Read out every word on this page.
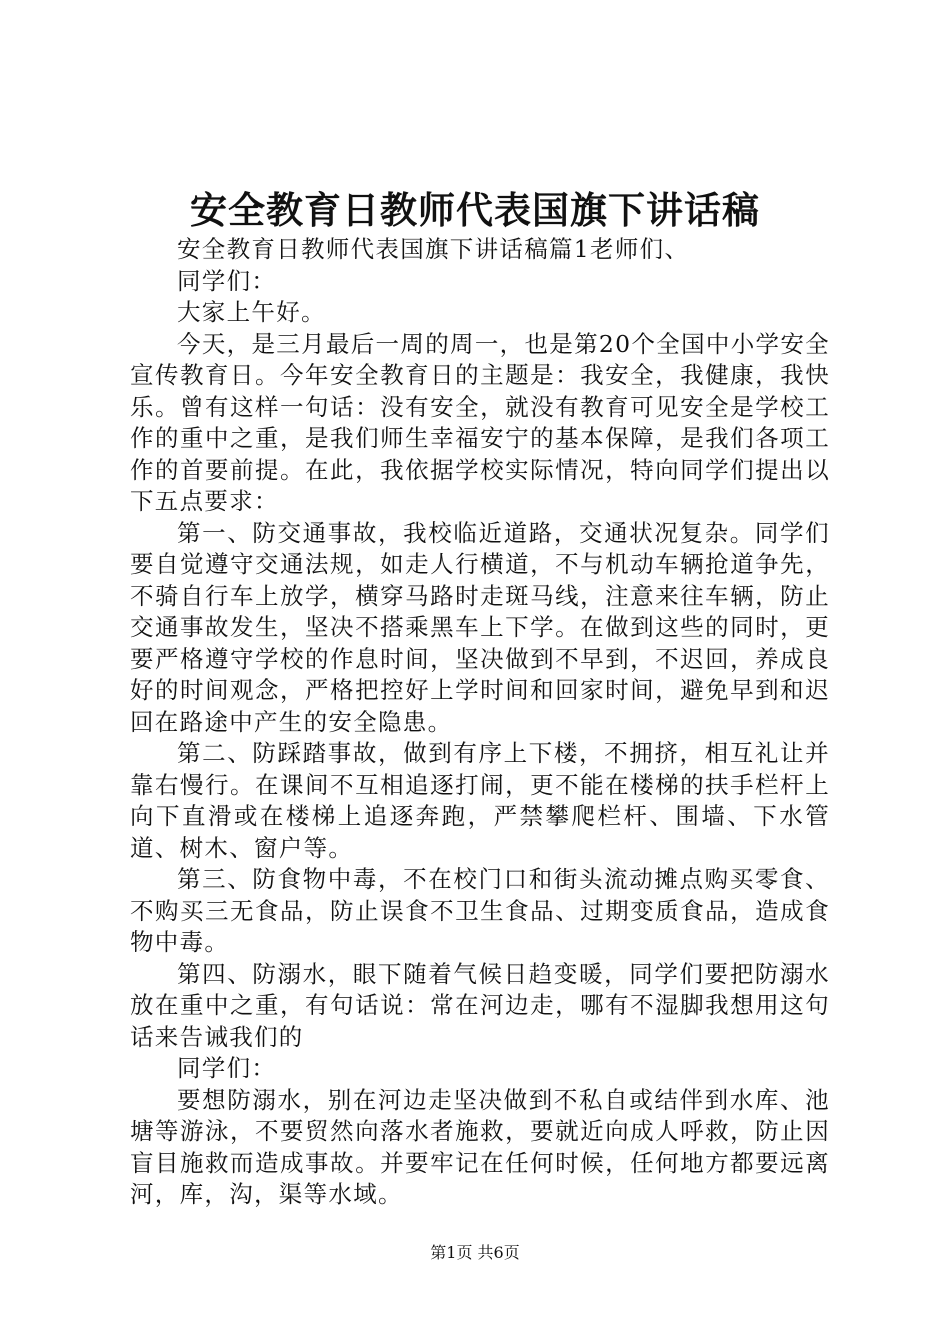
安全教育日教师代表国旗下讲话稿

安全教育日教师代表国旗下讲话稿篇1老师们、

同学们：

大家上午好。

今天，是三月最后一周的周一，也是第20个全国中小学安全宣传教育日。今年安全教育日的主题是：我安全，我健康，我快乐。曾有这样一句话：没有安全，就没有教育可见安全是学校工作的重中之重，是我们师生幸福安宁的基本保障，是我们各项工作的首要前提。在此，我依据学校实际情况，特向同学们提出以下五点要求：

第一、防交通事故，我校临近道路，交通状况复杂。同学们要自觉遵守交通法规，如走人行横道，不与机动车辆抢道争先，不骑自行车上放学，横穿马路时走斑马线，注意来往车辆，防止交通事故发生，坚决不搭乘黑车上下学。在做到这些的同时，更要严格遵守学校的作息时间，坚决做到不早到，不迟回，养成良好的时间观念，严格把控好上学时间和回家时间，避免早到和迟回在路途中产生的安全隐患。

第二、防踩踏事故，做到有序上下楼，不拥挤，相互礼让并靠右慢行。在课间不互相追逐打闹，更不能在楼梯的扶手栏杆上向下直滑或在楼梯上追逐奔跑，严禁攀爬栏杆、围墙、下水管道、树木、窗户等。

第三、防食物中毒，不在校门口和街头流动摊点购买零食、不购买三无食品，防止误食不卫生食品、过期变质食品，造成食物中毒。

第四、防溺水，眼下随着气候日趋变暖，同学们要把防溺水放在重中之重，有句话说：常在河边走，哪有不湿脚我想用这句话来告诫我们的

同学们：

要想防溺水，别在河边走坚决做到不私自或结伴到水库、池塘等游泳，不要贸然向落水者施救，要就近向成人呼救，防止因盲目施救而造成事故。并要牢记在任何时候，任何地方都要远离河，库，沟，渠等水域。

第1页 共6页
